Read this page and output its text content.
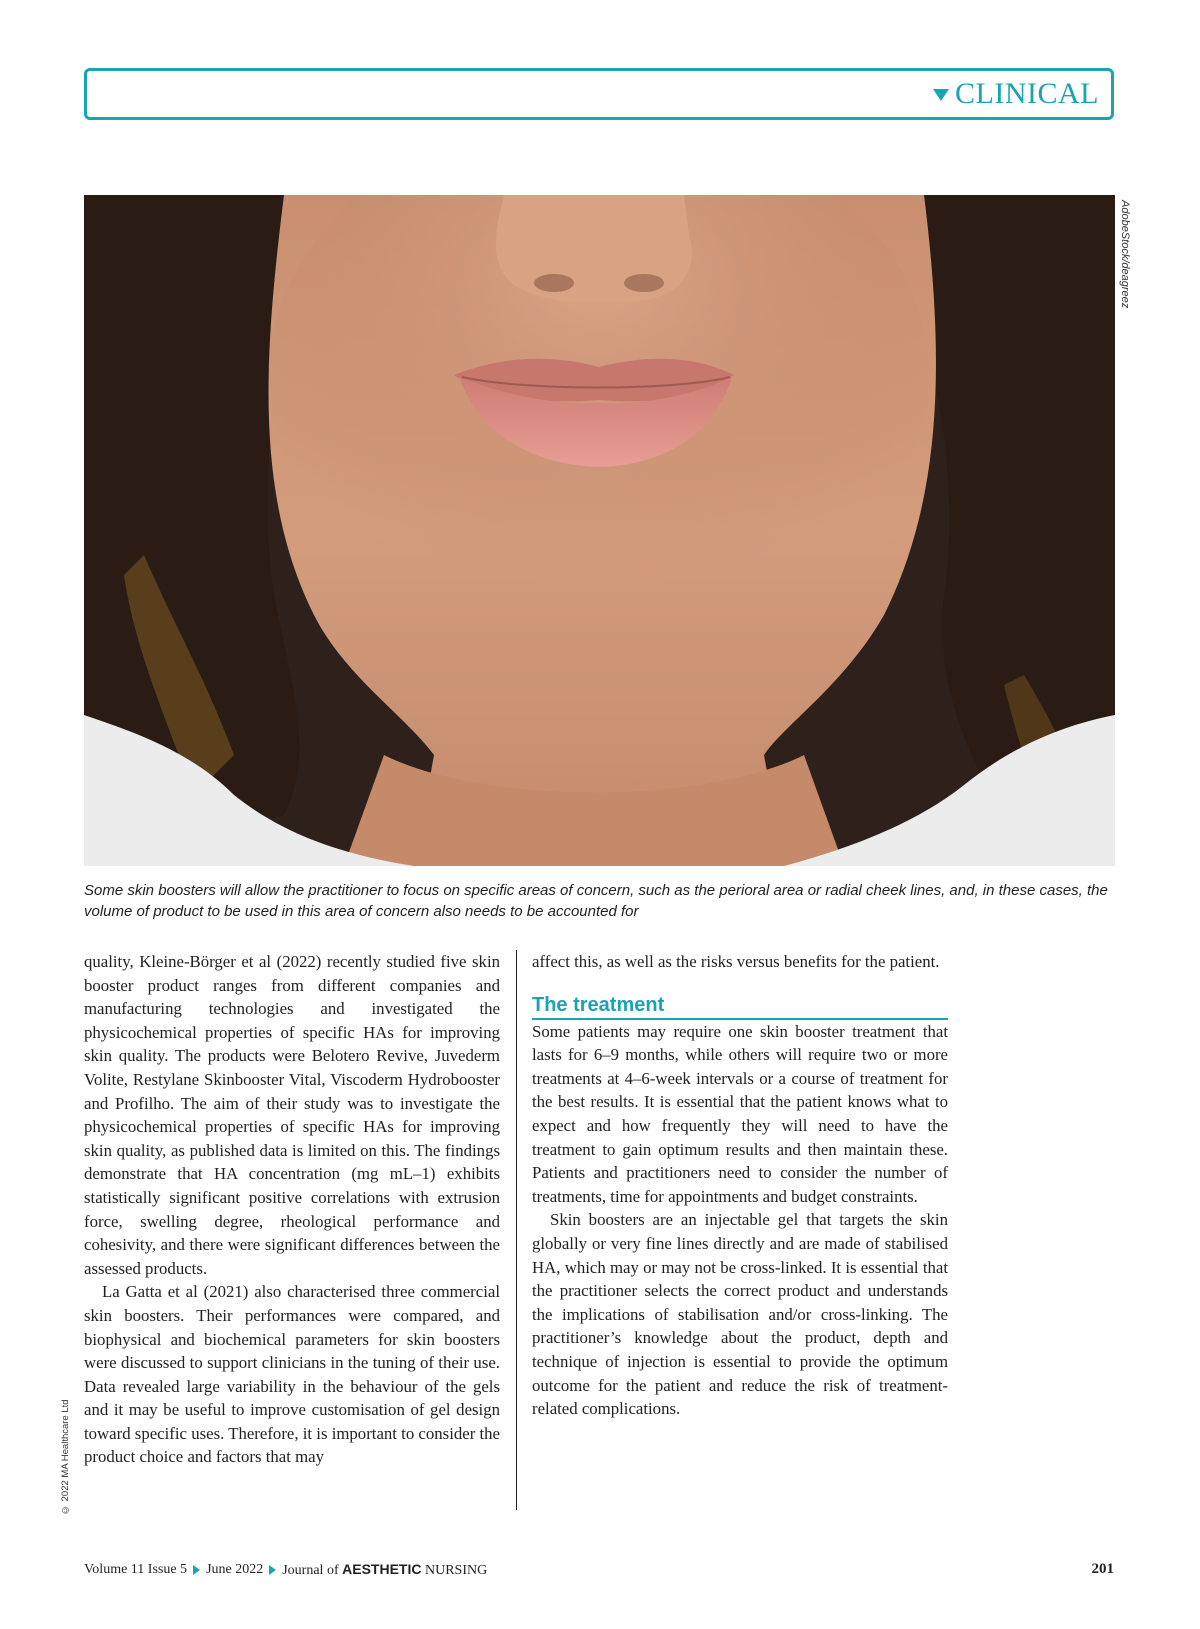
CLINICAL
AdobeStock/deagreez
Some skin boosters will allow the practitioner to focus on specific areas of concern, such as the perioral area or radial cheek lines, and, in these cases, the volume of product to be used in this area of concern also needs to be accounted for

quality, Kleine-Börger et al (2022) recently studied five skin booster product ranges from different companies and manufacturing technologies and investigated the physicochemical properties of specific HAs for improving skin quality. The products were Belotero Revive, Juvederm Volite, Restylane Skinbooster Vital, Viscoderm Hydrobooster and Profilho. The aim of their study was to investigate the physicochemical properties of specific HAs for improving skin quality, as published data is limited on this. The findings demonstrate that HA concentration (mg mL–1) exhibits statistically significant positive correlations with extrusion force, swelling degree, rheological performance and cohesivity, and there were significant differences between the assessed products.

La Gatta et al (2021) also characterised three commercial skin boosters. Their performances were compared, and biophysical and biochemical parameters for skin boosters were discussed to support clinicians in the tuning of their use. Data revealed large variability in the behaviour of the gels and it may be useful to improve customisation of gel design toward specific uses. Therefore, it is important to consider the product choice and factors that may

affect this, as well as the risks versus benefits for the patient.

The treatment

Some patients may require one skin booster treatment that lasts for 6–9 months, while others will require two or more treatments at 4–6-week intervals or a course of treatment for the best results. It is essential that the patient knows what to expect and how frequently they will need to have the treatment to gain optimum results and then maintain these. Patients and practitioners need to consider the number of treatments, time for appointments and budget constraints.

Skin boosters are an injectable gel that targets the skin globally or very fine lines directly and are made of stabilised HA, which may or may not be cross-linked. It is essential that the practitioner selects the correct product and understands the implications of stabilisation and/or cross-linking. The practitioner’s knowledge about the product, depth and technique of injection is essential to provide the optimum outcome for the patient and reduce the risk of treatment-related complications.

© 2022 MA Healthcare Ltd
Volume 11 Issue 5 June 2022 Journal of AESTHETIC NURSING	201
